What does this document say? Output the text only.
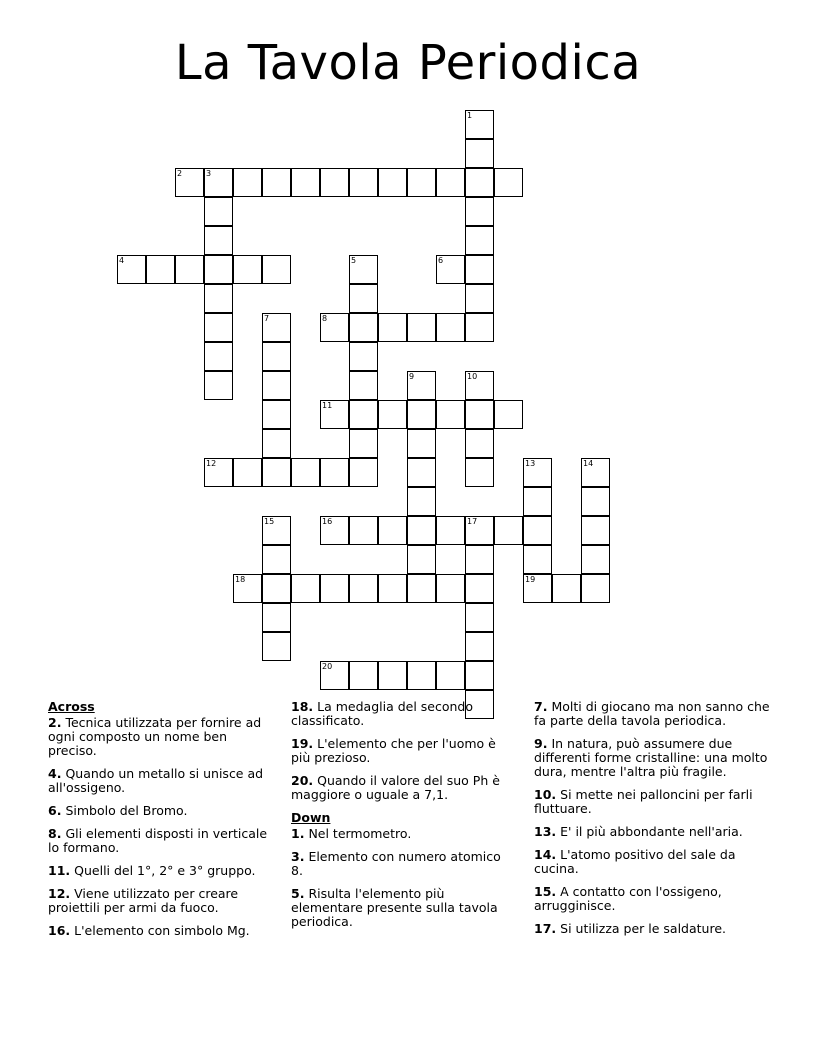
La Tavola Periodica
1
2	3
4	5	6
7	8
9	10
11
12	13
19
14
15	16	17
18
20
Across
2. Tecnica utilizzata per fornire ad ogni composto un nome ben preciso.
4. Quando un metallo si unisce ad all'ossigeno.
6. Simbolo del Bromo.
8. Gli elementi disposti in verticale lo formano.
11. Quelli del 1°, 2° e 3° gruppo.
12. Viene utilizzato per creare proiettili per armi da fuoco.
16. L'elemento con simbolo Mg.
18. La medaglia del secondo classificato.
19. L'elemento che per l'uomo è più prezioso.
20. Quando il valore del suo Ph è maggiore o uguale a 7,1.
Down
1. Nel termometro.
3. Elemento con numero atomico 8.
5. Risulta l'elemento più elementare presente sulla tavola periodica.
7. Molti di giocano ma non sanno che fa parte della tavola periodica.
9. In natura, può assumere due differenti forme cristalline: una molto dura, mentre l'altra più fragile.
10. Si mette nei palloncini per farli fluttuare.
13. E' il più abbondante nell'aria.
14. L'atomo positivo del sale da cucina.
15. A contatto con l'ossigeno, arrugginisce.
17. Si utilizza per le saldature.
